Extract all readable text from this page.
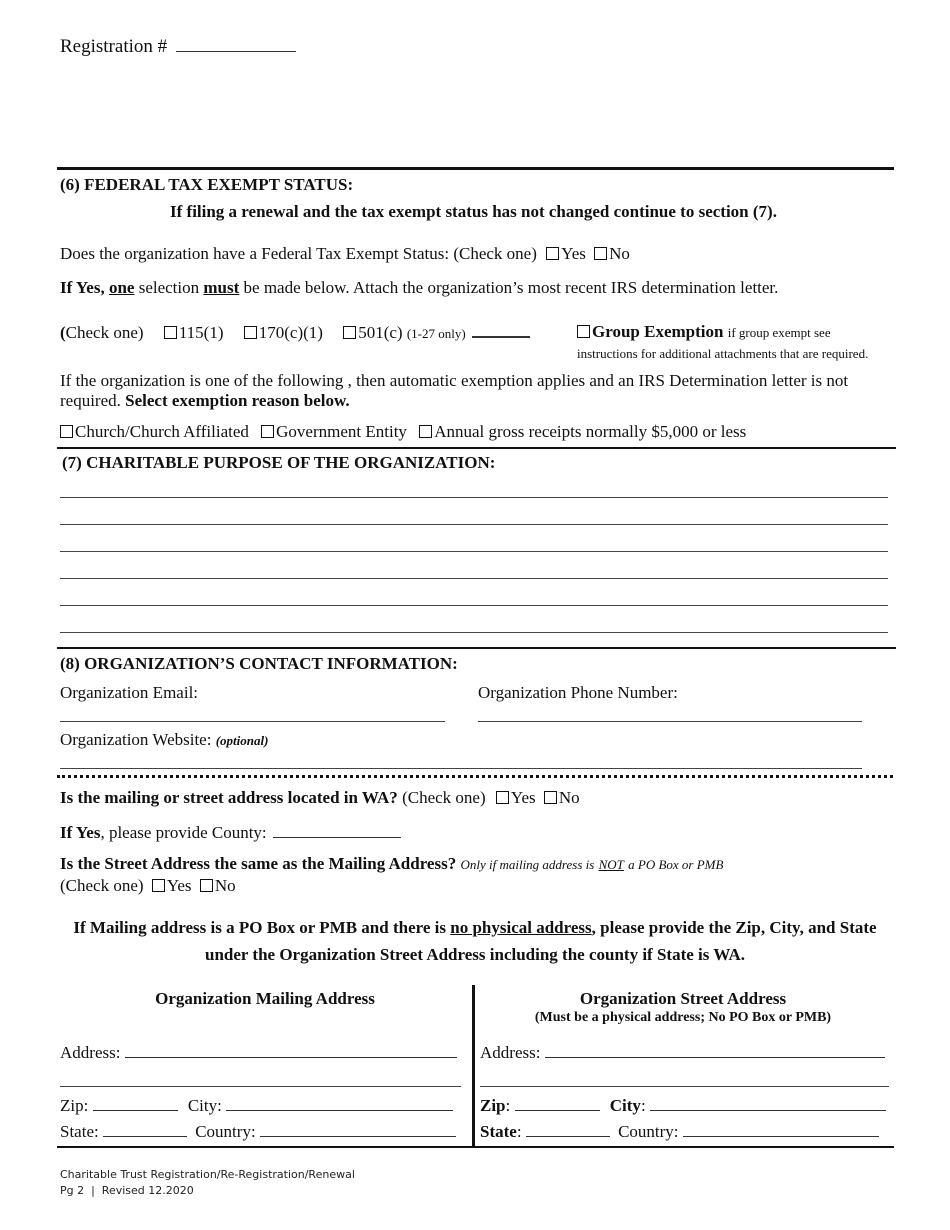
Registration #
(6) FEDERAL TAX EXEMPT STATUS:
If filing a renewal and the tax exempt status has not changed continue to section (7).
Does the organization have a Federal Tax Exempt Status: (Check one) Yes No
If Yes, one selection must be made below. Attach the organization’s most recent IRS determination letter.
(Check one) 115(1) 170(c)(1) 501(c) (1-27 only)	Group Exemption if group exempt see
instructions for additional attachments that are required.
If the organization is one of the following , then automatic exemption applies and an IRS Determination letter is not
required. Select exemption reason below.
Church/Church Affiliated Government Entity Annual gross receipts normally $5,000 or less
(7) CHARITABLE PURPOSE OF THE ORGANIZATION:
(8) ORGANIZATION’S CONTACT INFORMATION:
Organization Email:	Organization Phone Number:
Organization Website: (optional)
Is the mailing or street address located in WA? (Check one) Yes No
If Yes, please provide County:
Is the Street Address the same as the Mailing Address? Only if mailing address is NOT a PO Box or PMB
(Check one) Yes No
If Mailing address is a PO Box or PMB and there is no physical address, please provide the Zip, City, and State
under the Organization Street Address including the county if State is WA.
Organization Mailing Address
Address:
Zip:	City:
State:	Country:
Organization Street Address
(Must be a physical address; No PO Box or PMB)
Address:
Zip:	City:
State:	Country:
Charitable Trust Registration/Re-Registration/Renewal
Pg 2  |  Revised 12.2020
